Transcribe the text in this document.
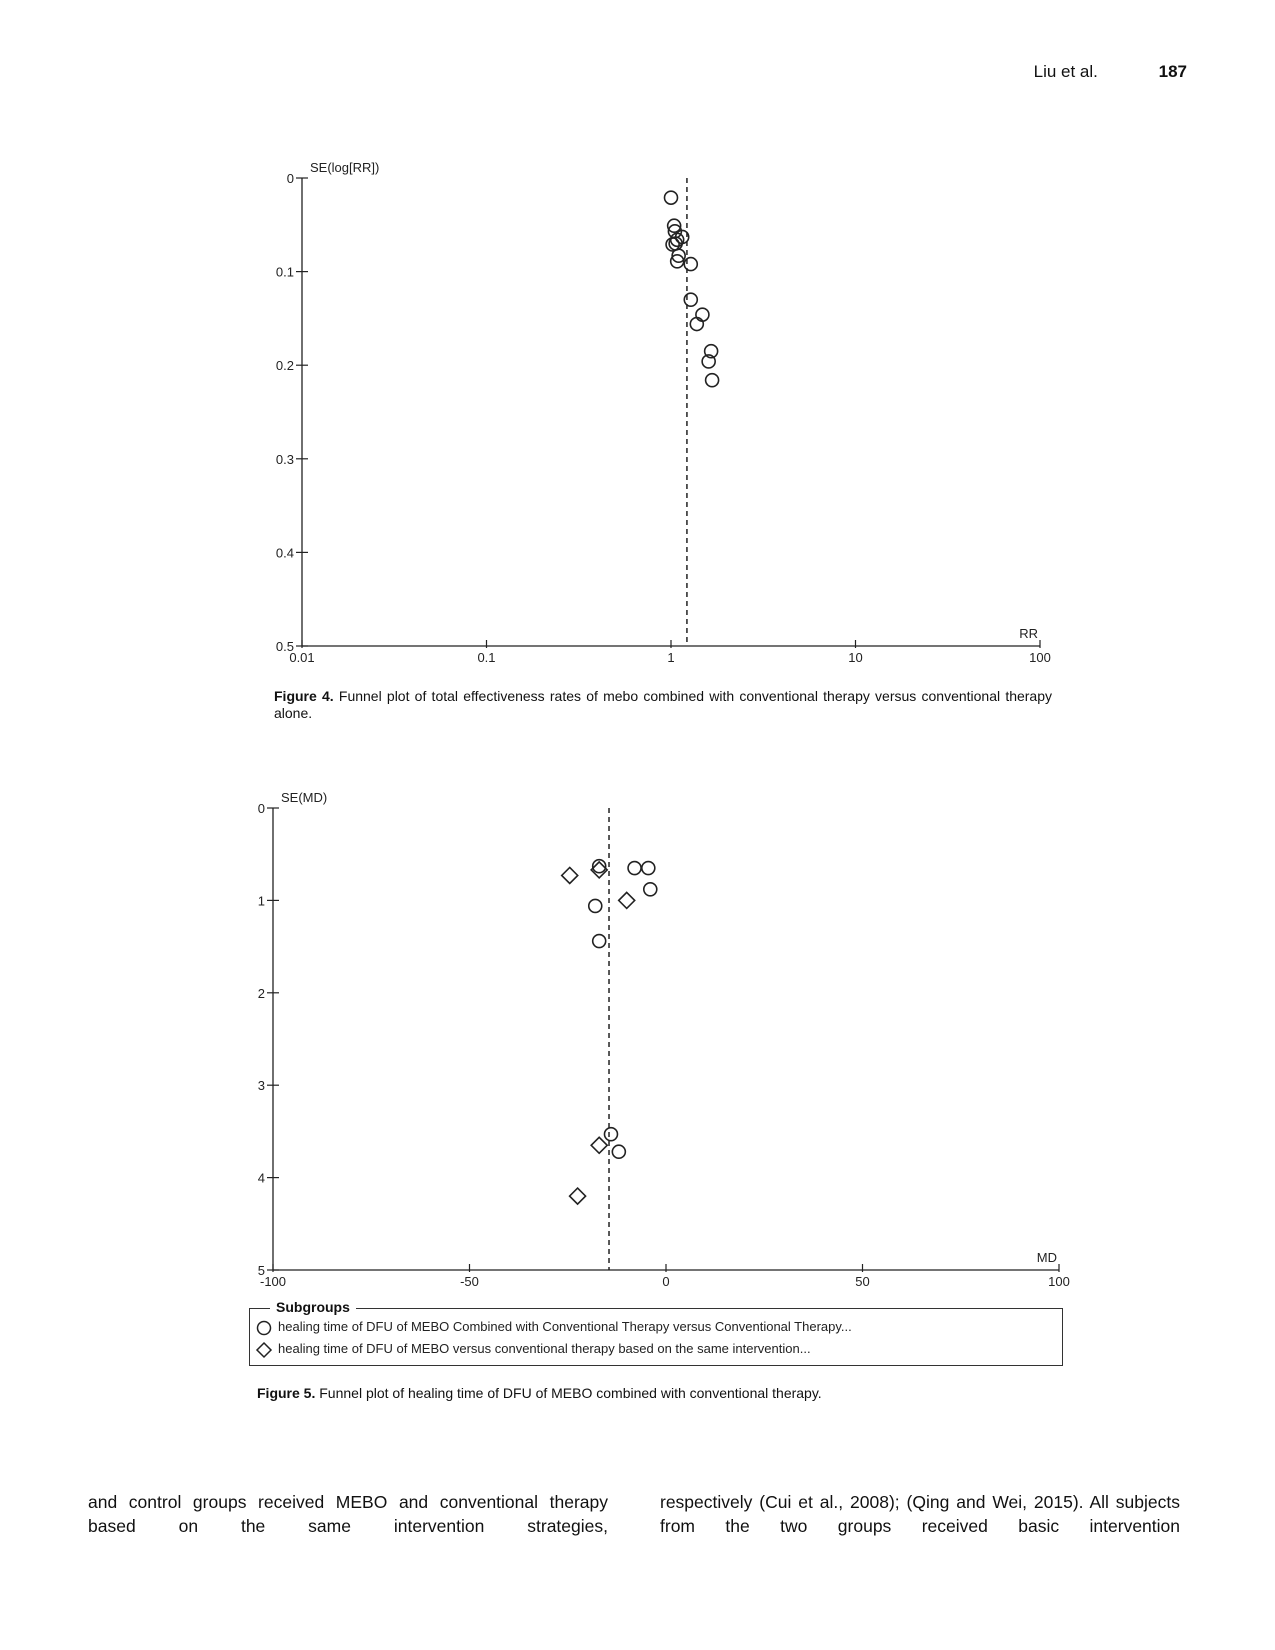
Liu et al.	187
0
0.1
0.2
0.3
0.4
0.5
0.01	0.1	1	10	100
SE(log[RR])
RR
Figure 4. Funnel plot of total effectiveness rates of mebo combined with conventional therapy versus conventional therapy alone.
0
1
2
3
4
5
-100	-50	0	50	100
SE(MD)
MD
Subgroups
healing time of DFU of MEBO Combined with Conventional Therapy versus Conventional Therapy...
healing time of DFU of MEBO versus conventional therapy based on the same intervention...
Figure 5. Funnel plot of healing time of DFU of MEBO combined with conventional therapy.
and control groups received MEBO and conventional therapy based on the same intervention strategies,
respectively (Cui et al., 2008); (Qing and Wei, 2015). All subjects from the two groups received basic intervention
